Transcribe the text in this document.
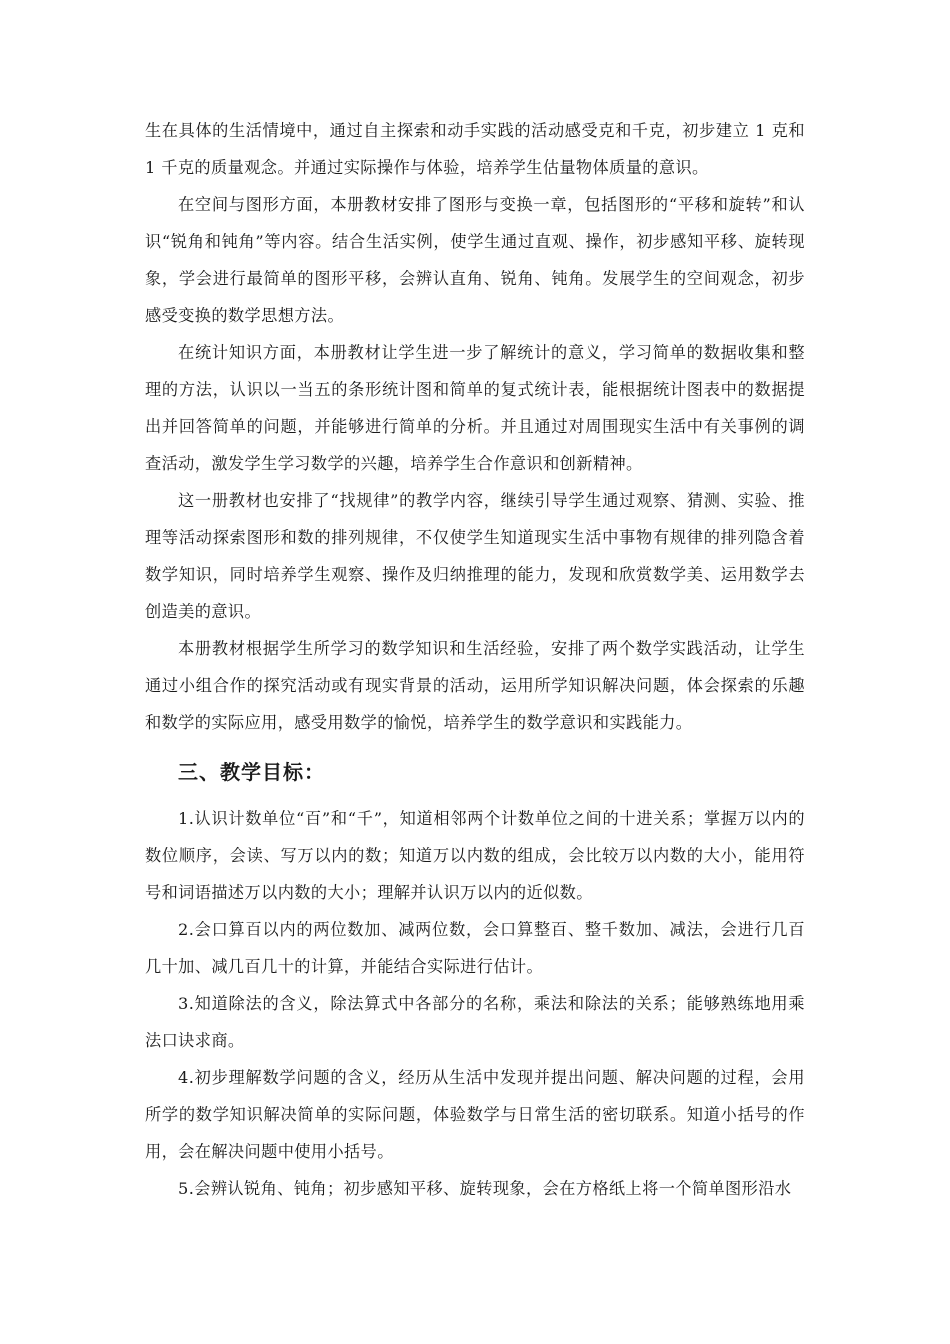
生在具体的生活情境中，通过自主探索和动手实践的活动感受克和千克，初步建立 1 克和 1 千克的质量观念。并通过实际操作与体验，培养学生估量物体质量的意识。

在空间与图形方面，本册教材安排了图形与变换一章，包括图形的“平移和旋转”和认识“锐角和钝角”等内容。结合生活实例，使学生通过直观、操作，初步感知平移、旋转现象，学会进行最简单的图形平移，会辨认直角、锐角、钝角。发展学生的空间观念，初步感受变换的数学思想方法。

在统计知识方面，本册教材让学生进一步了解统计的意义，学习简单的数据收集和整理的方法，认识以一当五的条形统计图和简单的复式统计表，能根据统计图表中的数据提出并回答简单的问题，并能够进行简单的分析。并且通过对周围现实生活中有关事例的调查活动，激发学生学习数学的兴趣，培养学生合作意识和创新精神。

这一册教材也安排了“找规律”的教学内容，继续引导学生通过观察、猜测、实验、推理等活动探索图形和数的排列规律，不仅使学生知道现实生活中事物有规律的排列隐含着数学知识，同时培养学生观察、操作及归纳推理的能力，发现和欣赏数学美、运用数学去创造美的意识。

本册教材根据学生所学习的数学知识和生活经验，安排了两个数学实践活动，让学生通过小组合作的探究活动或有现实背景的活动，运用所学知识解决问题，体会探索的乐趣和数学的实际应用，感受用数学的愉悦，培养学生的数学意识和实践能力。

三、教学目标：

1.认识计数单位“百”和“千”，知道相邻两个计数单位之间的十进关系；掌握万以内的数位顺序，会读、写万以内的数；知道万以内数的组成，会比较万以内数的大小，能用符号和词语描述万以内数的大小；理解并认识万以内的近似数。

2.会口算百以内的两位数加、减两位数，会口算整百、整千数加、减法，会进行几百几十加、减几百几十的计算，并能结合实际进行估计。

3.知道除法的含义，除法算式中各部分的名称，乘法和除法的关系；能够熟练地用乘法口诀求商。

4.初步理解数学问题的含义，经历从生活中发现并提出问题、解决问题的过程，会用所学的数学知识解决简单的实际问题，体验数学与日常生活的密切联系。知道小括号的作用，会在解决问题中使用小括号。

5.会辨认锐角、钝角；初步感知平移、旋转现象，会在方格纸上将一个简单图形沿水
